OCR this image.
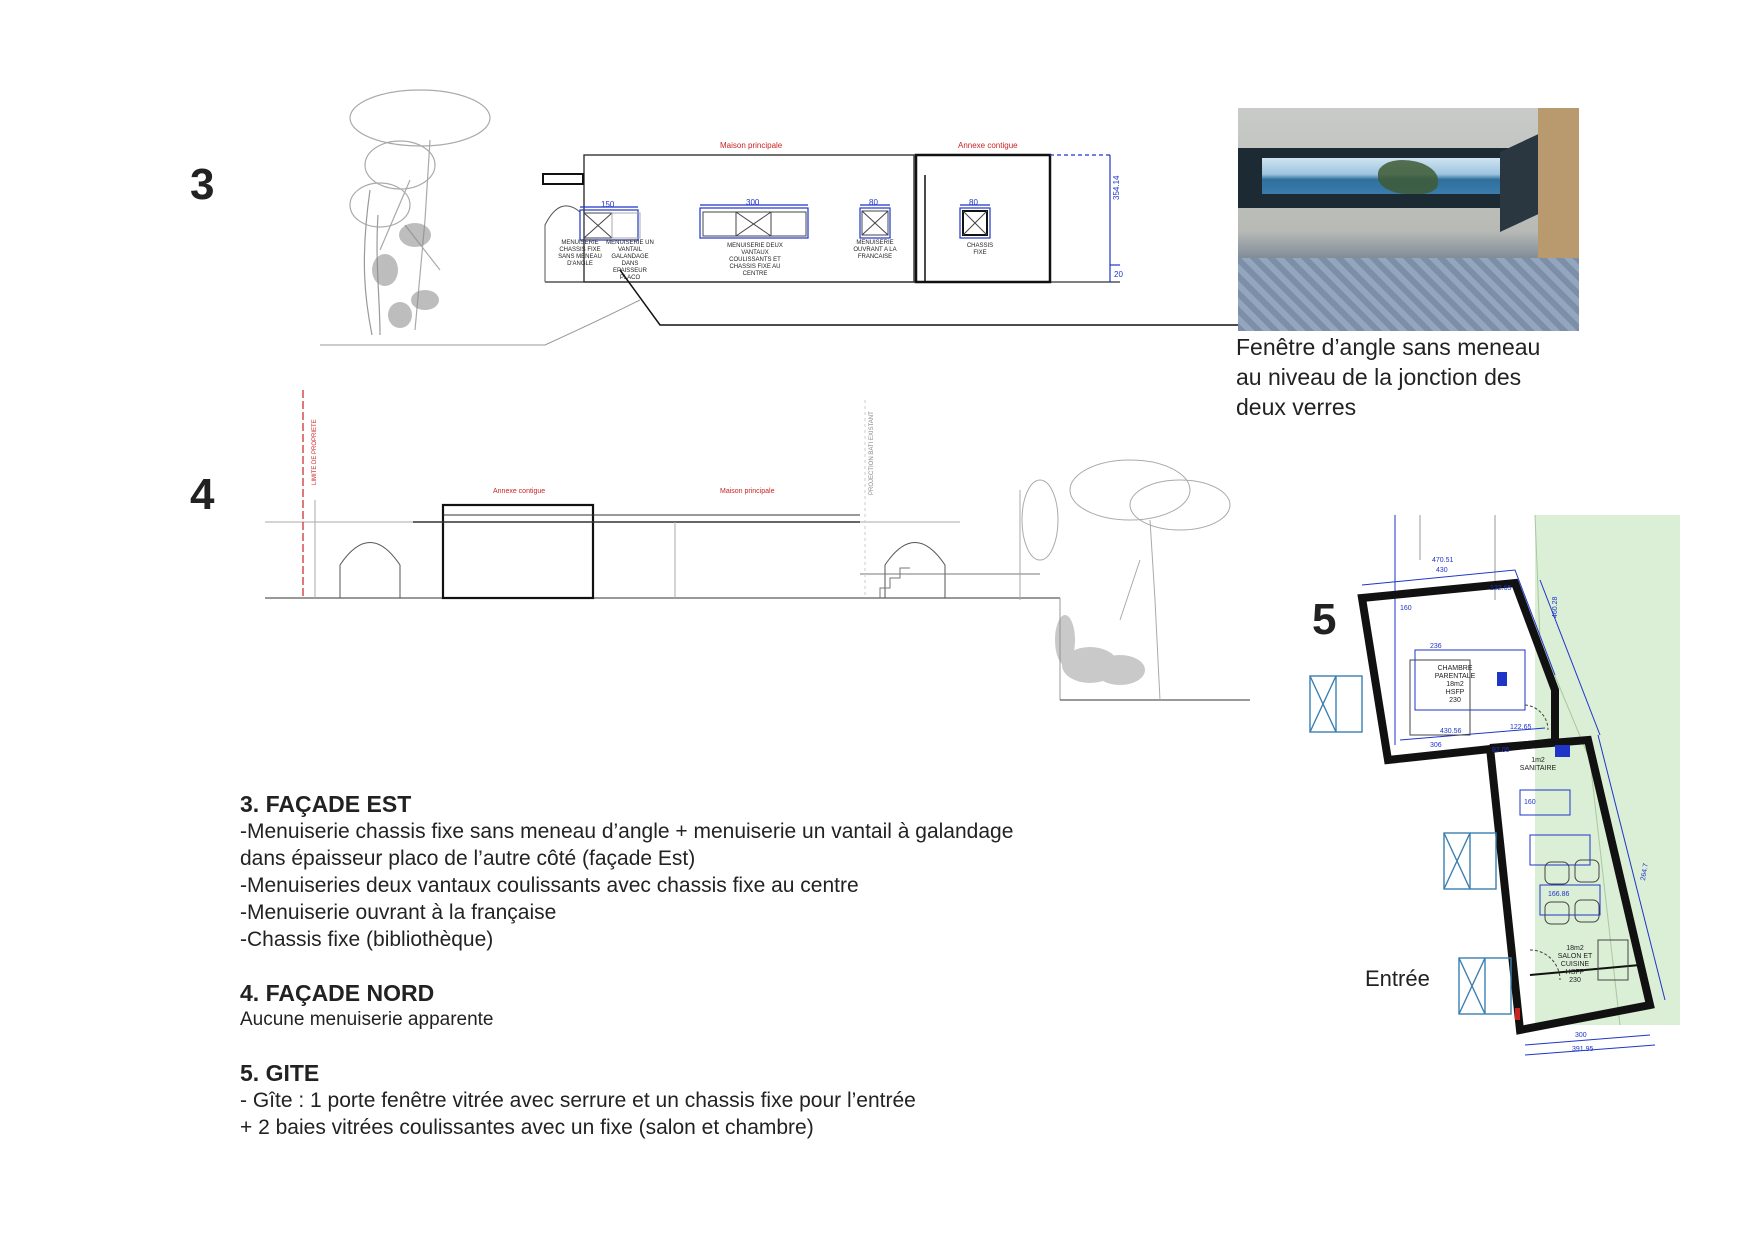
3
4
5
Maison principale	Annexe contigue
150	300	80	80
354.14
20
MENUISERIE CHASSIS FIXE SANS MENEAU D'ANGLE
MENUISERIE UN VANTAIL GALANDAGE DANS EPAISSEUR PLACO
MENUISERIE DEUX VANTAUX COULISSANTS ET CHASSIS FIXE AU CENTRE
MENUISERIE OUVRANT A LA FRANCAISE
CHASSIS FIXE
Fenêtre d’angle sans meneau
au niveau de la jonction des
deux verres
Annexe contigue	Maison principale
LIMITE DE PROPRIETE	PROJECTION BATI EXISTANT
CHAMBRE PARENTALE
18m2
HSFP
230
1m2
SANITAIRE
18m2
SALON ET CUISINE
HSFP
230
470.51
430
122.65
160
236
430.56
306
122.65
82.05
160
166.86
300
391.95
460.28
264.7
Entrée
3. FAÇADE EST

-Menuiserie chassis fixe sans meneau d’angle + menuiserie un vantail à galandage

dans épaisseur placo de l’autre côté (façade Est)

-Menuiseries deux vantaux coulissants avec chassis fixe au centre

-Menuiserie ouvrant à la française

-Chassis fixe (bibliothèque)

4. FAÇADE NORD

Aucune menuiserie apparente

5. GITE

- Gîte : 1 porte fenêtre vitrée avec serrure et un chassis fixe pour l’entrée

+ 2 baies vitrées coulissantes avec un fixe (salon et chambre)
